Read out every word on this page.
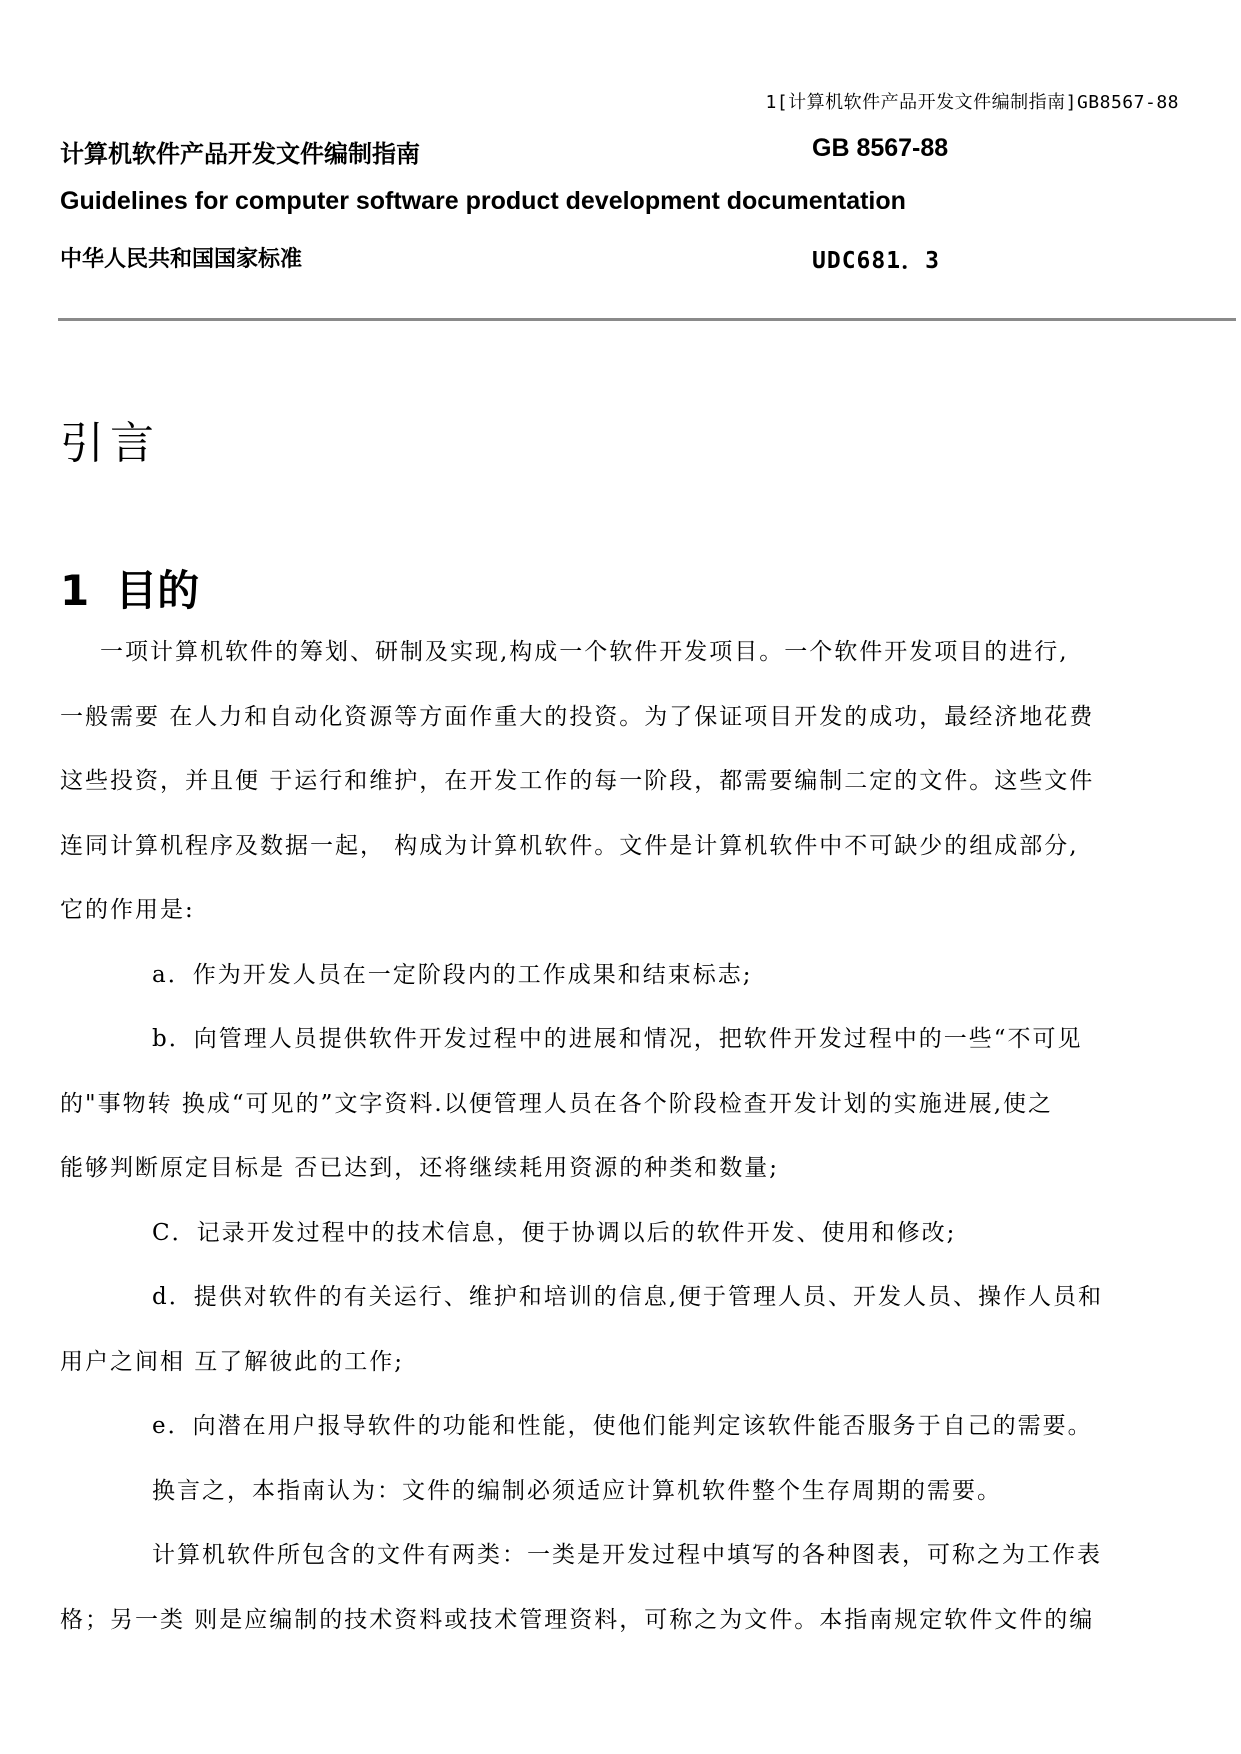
1[计算机软件产品开发文件编制指南]GB8567-88
计算机软件产品开发文件编制指南	GB 8567-88
Guidelines for computer software product development documentation
中华人民共和国国家标准	UDC681．3
引言
1 目的
一项计算机软件的筹划、研制及实现,构成一个软件开发项目。一个软件开发项目的进行,
一般需要 在人力和自动化资源等方面作重大的投资。为了保证项目开发的成功，最经济地花费
这些投资，并且便 于运行和维护，在开发工作的每一阶段，都需要编制二定的文件。这些文件
连同计算机程序及数据一起， 构成为计算机软件。文件是计算机软件中不可缺少的组成部分,
它的作用是:
a．作为开发人员在一定阶段内的工作成果和结束标志;
b．向管理人员提供软件开发过程中的进展和情况，把软件开发过程中的一些“不可见
的"事物转 换成“可见的”文字资料.以便管理人员在各个阶段检查开发计划的实施进展,使之
能够判断原定目标是 否已达到，还将继续耗用资源的种类和数量;
C．记录开发过程中的技术信息，便于协调以后的软件开发、使用和修改;
d．提供对软件的有关运行、维护和培训的信息,便于管理人员、开发人员、操作人员和
用户之间相 互了解彼此的工作;
e．向潜在用户报导软件的功能和性能，使他们能判定该软件能否服务于自己的需要。
换言之，本指南认为：文件的编制必须适应计算机软件整个生存周期的需要。
计算机软件所包含的文件有两类：一类是开发过程中填写的各种图表，可称之为工作表
格；另一类 则是应编制的技术资料或技术管理资料，可称之为文件。本指南规定软件文件的编
